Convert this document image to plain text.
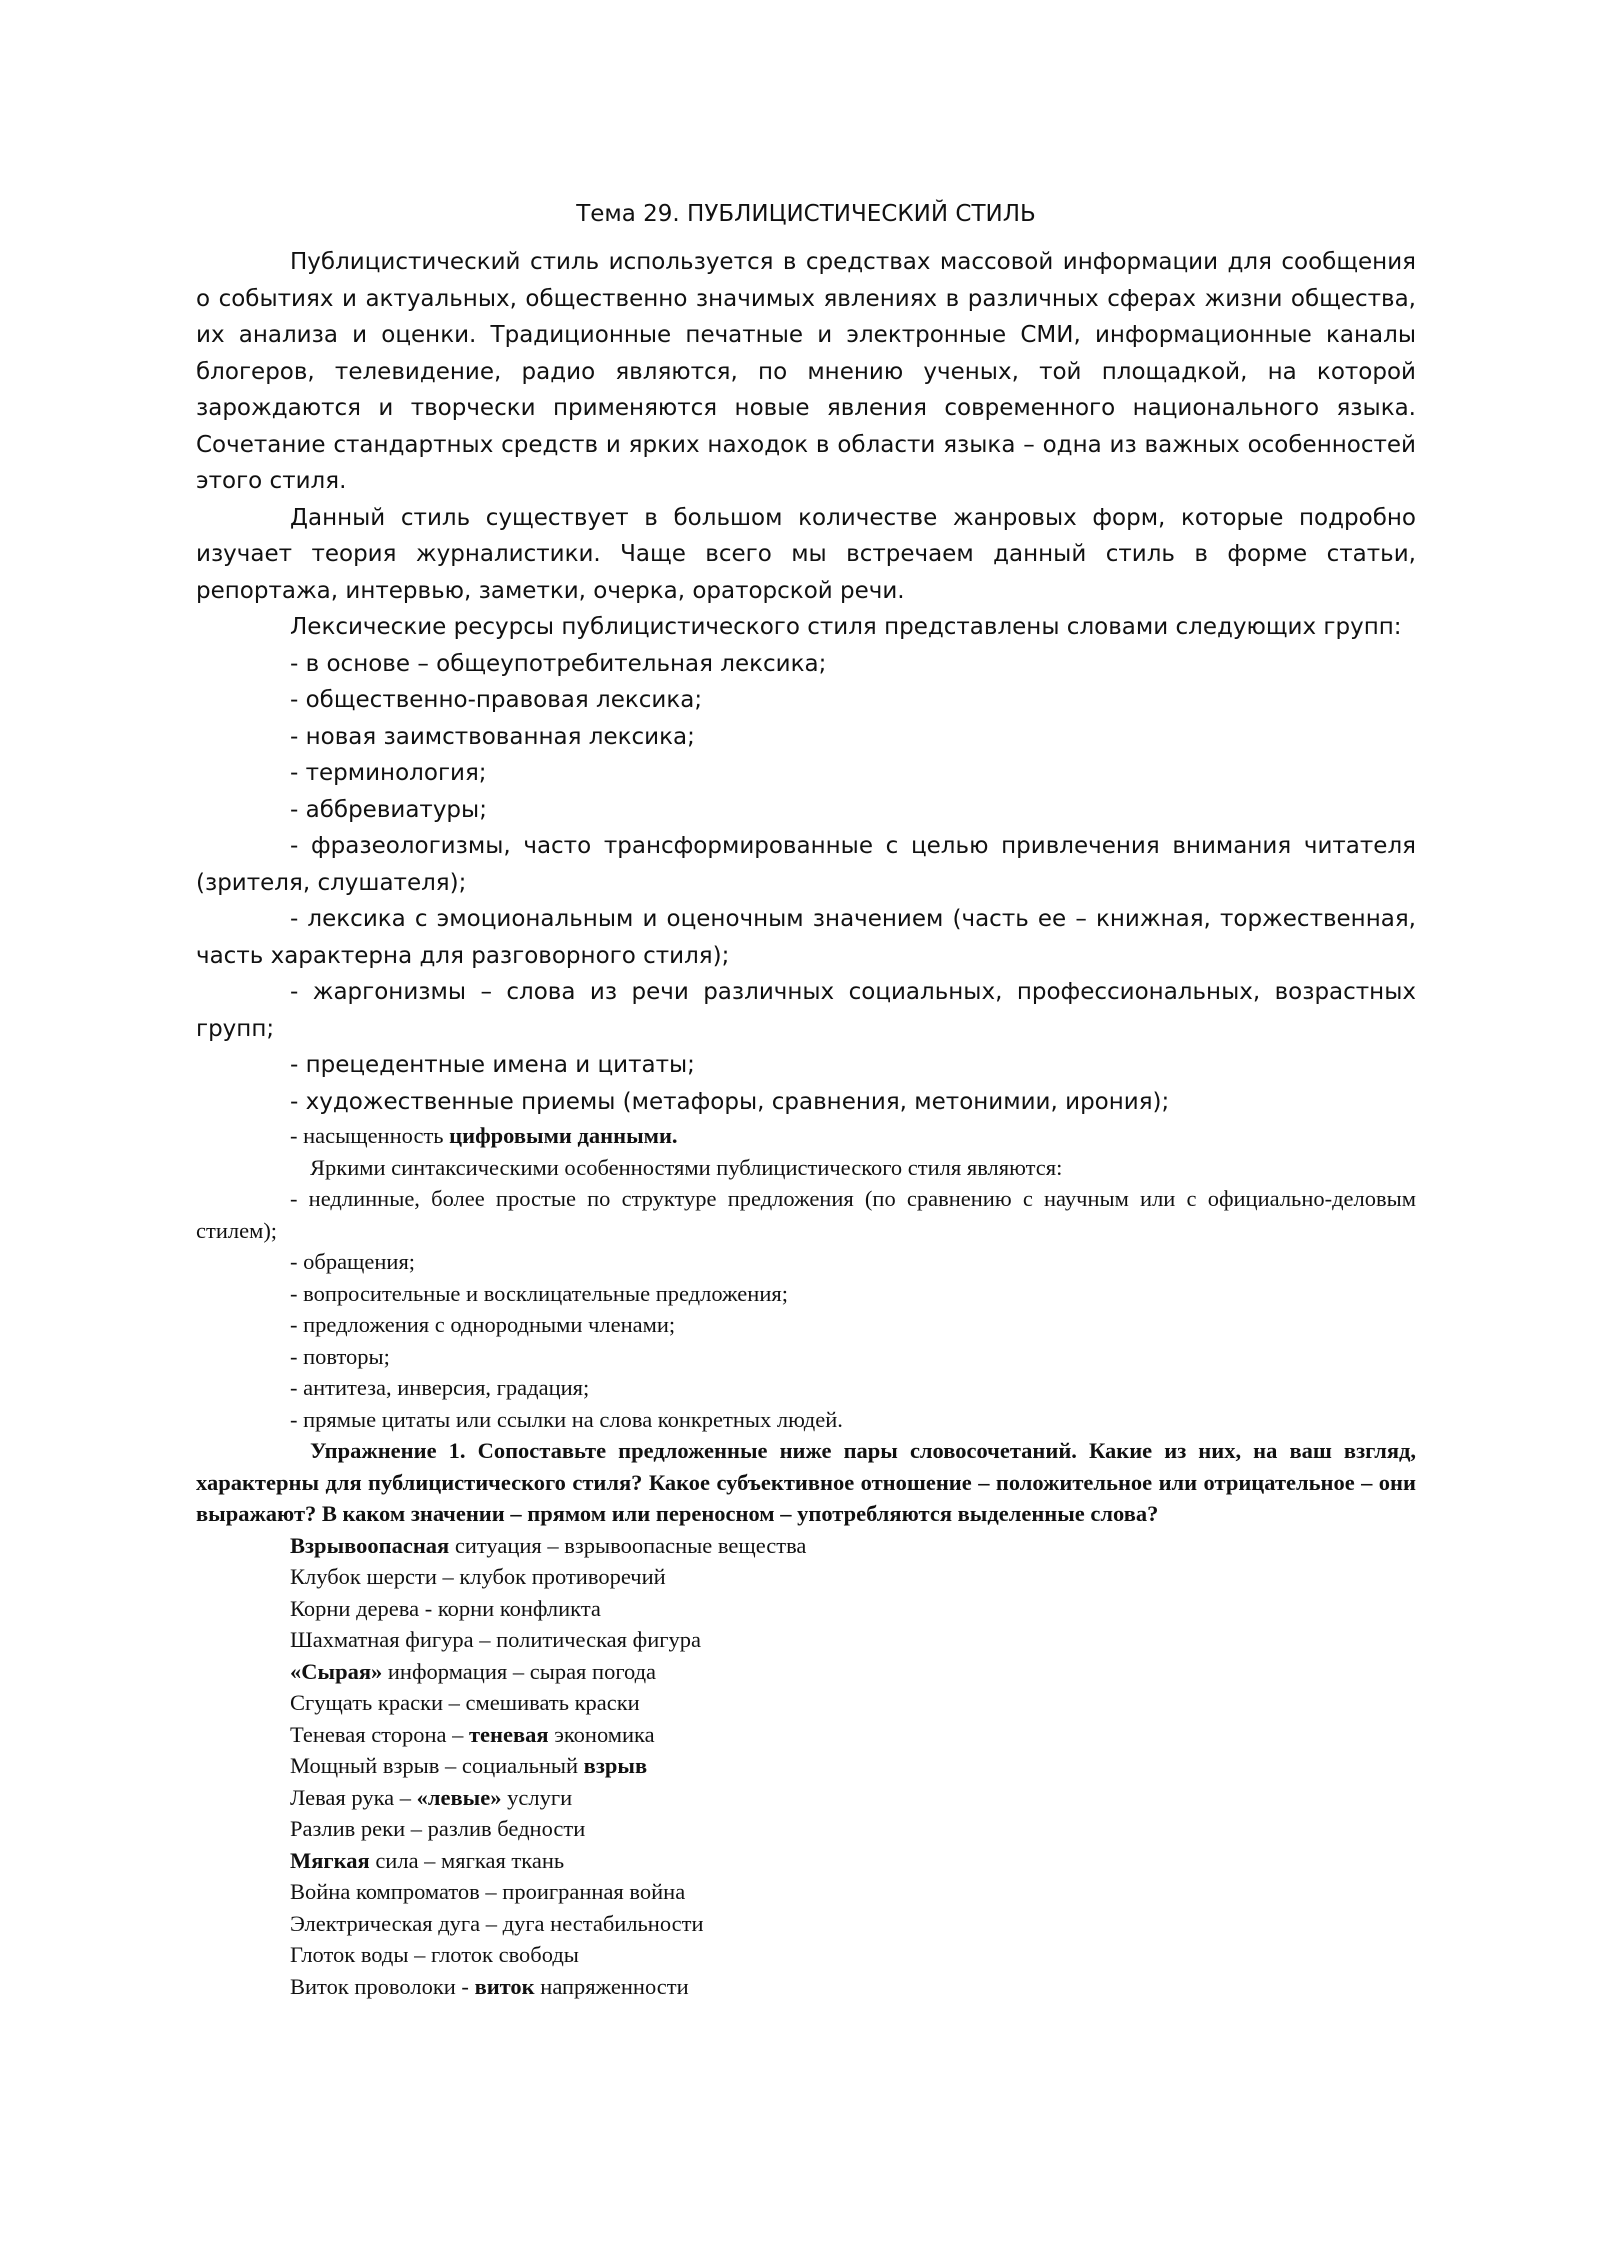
Тема 29. ПУБЛИЦИСТИЧЕСКИЙ СТИЛЬ

Публицистический стиль используется в средствах массовой информации для сообщения о событиях и актуальных, общественно значимых явлениях в различных сферах жизни общества, их анализа и оценки. Традиционные печатные и электронные СМИ, информационные каналы блогеров, телевидение, радио являются, по мнению ученых, той площадкой, на которой зарождаются и творчески применяются новые явления современного национального языка. Сочетание стандартных средств и ярких находок в области языка – одна из важных особенностей этого стиля.

Данный стиль существует в большом количестве жанровых форм, которые подробно изучает теория журналистики. Чаще всего мы встречаем данный стиль в форме статьи, репортажа, интервью, заметки, очерка, ораторской речи.

Лексические ресурсы публицистического стиля представлены словами следующих групп:

- в основе – общеупотребительная лексика;

- общественно-правовая лексика;

- новая заимствованная лексика;

- терминология;

- аббревиатуры;

- фразеологизмы, часто трансформированные с целью привлечения внимания читателя (зрителя, слушателя);

- лексика с эмоциональным и оценочным значением (часть ее – книжная, торжественная, часть характерна для разговорного стиля);

- жаргонизмы – слова из речи различных социальных, профессиональных, возрастных групп;

- прецедентные имена и цитаты;

- художественные приемы (метафоры, сравнения, метонимии, ирония);

- насыщенность цифровыми данными.

Яркими синтаксическими особенностями публицистического стиля являются:

- недлинные, более простые по структуре предложения (по сравнению с научным или с официально-деловым стилем);

- обращения;

- вопросительные и восклицательные предложения;

- предложения с однородными членами;

- повторы;

- антитеза, инверсия, градация;

- прямые цитаты или ссылки на слова конкретных людей.

Упражнение 1. Сопоставьте предложенные ниже пары словосочетаний. Какие из них, на ваш взгляд, характерны для публицистического стиля? Какое субъективное отношение – положительное или отрицательное – они выражают? В каком значении – прямом или переносном – употребляются выделенные слова?

Взрывоопасная ситуация – взрывоопасные вещества

Клубок шерсти – клубок противоречий

Корни дерева - корни конфликта

Шахматная фигура – политическая фигура

«Сырая» информация – сырая погода

Сгущать краски – смешивать краски

Теневая сторона – теневая экономика

Мощный взрыв – социальный взрыв

Левая рука – «левые» услуги

Разлив реки – разлив бедности

Мягкая сила – мягкая ткань

Война компроматов – проигранная война

Электрическая дуга – дуга нестабильности

Глоток воды – глоток свободы

Виток проволоки - виток напряженности
